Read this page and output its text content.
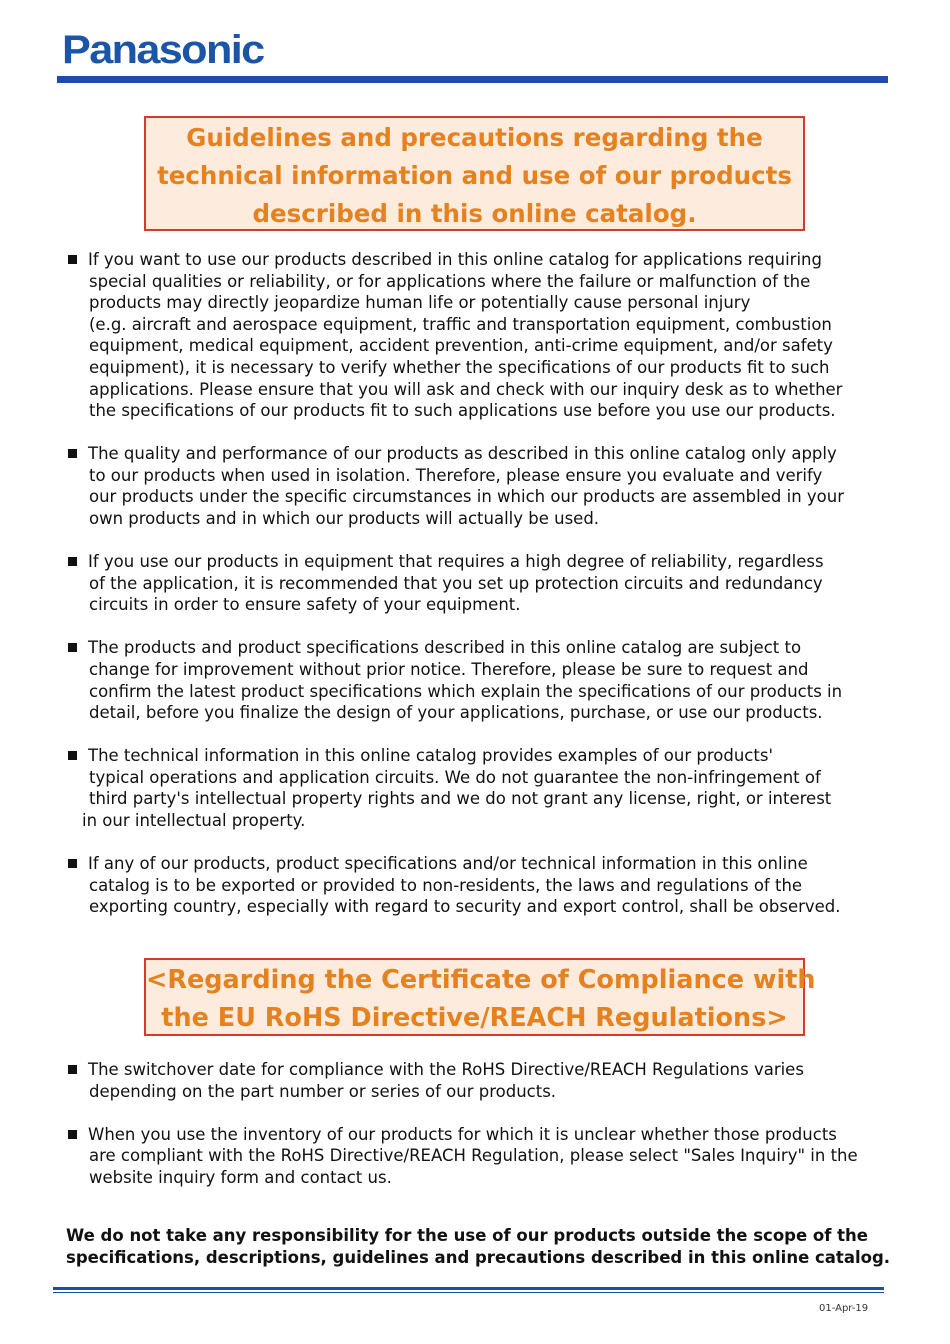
Panasonic
Guidelines and precautions regarding the
technical information and use of our products
described in this online catalog.
If you want to use our products described in this online catalog for applications requiring
special qualities or reliability, or for applications where the failure or malfunction of the
products may directly jeopardize human life or potentially cause personal injury
(e.g. aircraft and aerospace equipment, traffic and transportation equipment, combustion
equipment, medical equipment, accident prevention, anti-crime equipment, and/or safety
equipment), it is necessary to verify whether the specifications of our products fit to such
applications. Please ensure that you will ask and check with our inquiry desk as to whether
the specifications of our products fit to such applications use before you use our products.
The quality and performance of our products as described in this online catalog only apply
to our products when used in isolation. Therefore, please ensure you evaluate and verify
our products under the specific circumstances in which our products are assembled in your
own products and in which our products will actually be used.
If you use our products in equipment that requires a high degree of reliability, regardless
of the application, it is recommended that you set up protection circuits and redundancy
circuits in order to ensure safety of your equipment.
The products and product specifications described in this online catalog are subject to
change for improvement without prior notice. Therefore, please be sure to request and
confirm the latest product specifications which explain the specifications of our products in
detail, before you finalize the design of your applications, purchase, or use our products.
The technical information in this online catalog provides examples of our products'
typical operations and application circuits. We do not guarantee the non-infringement of
third party's intellectual property rights and we do not grant any license, right, or interest
in our intellectual property.
If any of our products, product specifications and/or technical information in this online
catalog is to be exported or provided to non-residents, the laws and regulations of the
exporting country, especially with regard to security and export control, shall be observed.
<Regarding the Certificate of Compliance with
the EU RoHS Directive/REACH Regulations>
The switchover date for compliance with the RoHS Directive/REACH Regulations varies
depending on the part number or series of our products.
When you use the inventory of our products for which it is unclear whether those products
are compliant with the RoHS Directive/REACH Regulation, please select "Sales Inquiry" in the
website inquiry form and contact us.
We do not take any responsibility for the use of our products outside the scope of the
specifications, descriptions, guidelines and precautions described in this online catalog.
01-Apr-19
